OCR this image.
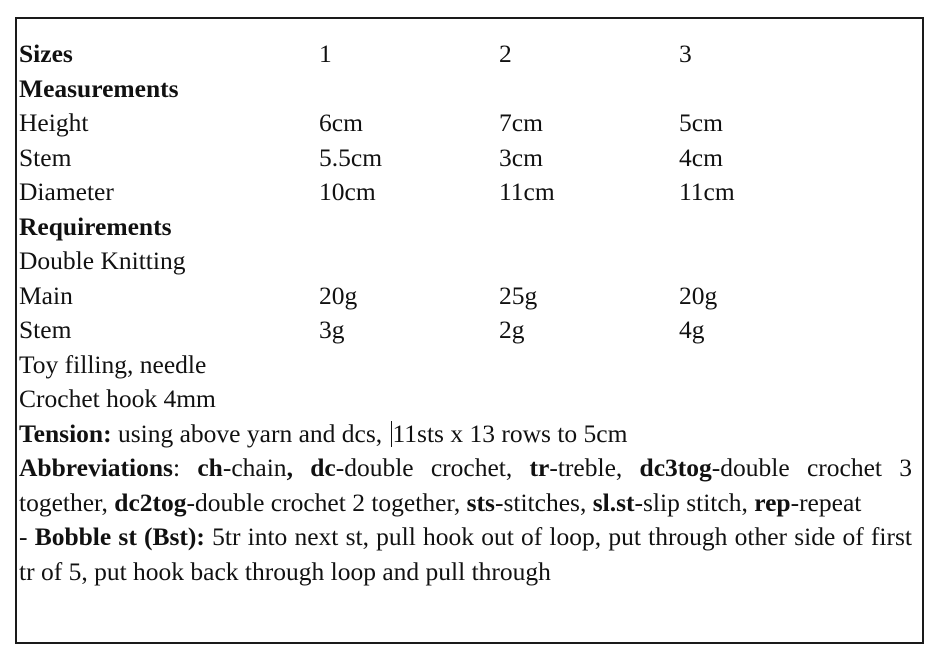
Sizes	1	2	3
Measurements
Height	6cm	7cm	5cm
Stem	5.5cm	3cm	4cm
Diameter	10cm	11cm	11cm
Requirements
Double Knitting
Main	20g	25g	20g
Stem	3g	2g	4g
Toy filling, needle
Crochet hook 4mm
Tension: using above yarn and dcs, 11sts x 13 rows to 5cm
Abbreviations: ch-chain, dc-double crochet, tr-treble, dc3tog-double crochet 3 together, dc2tog-double crochet 2 together, sts-stitches, sl.st-slip stitch, rep-repeat
- Bobble st (Bst): 5tr into next st, pull hook out of loop, put through other side of first tr of 5, put hook back through loop and pull through
